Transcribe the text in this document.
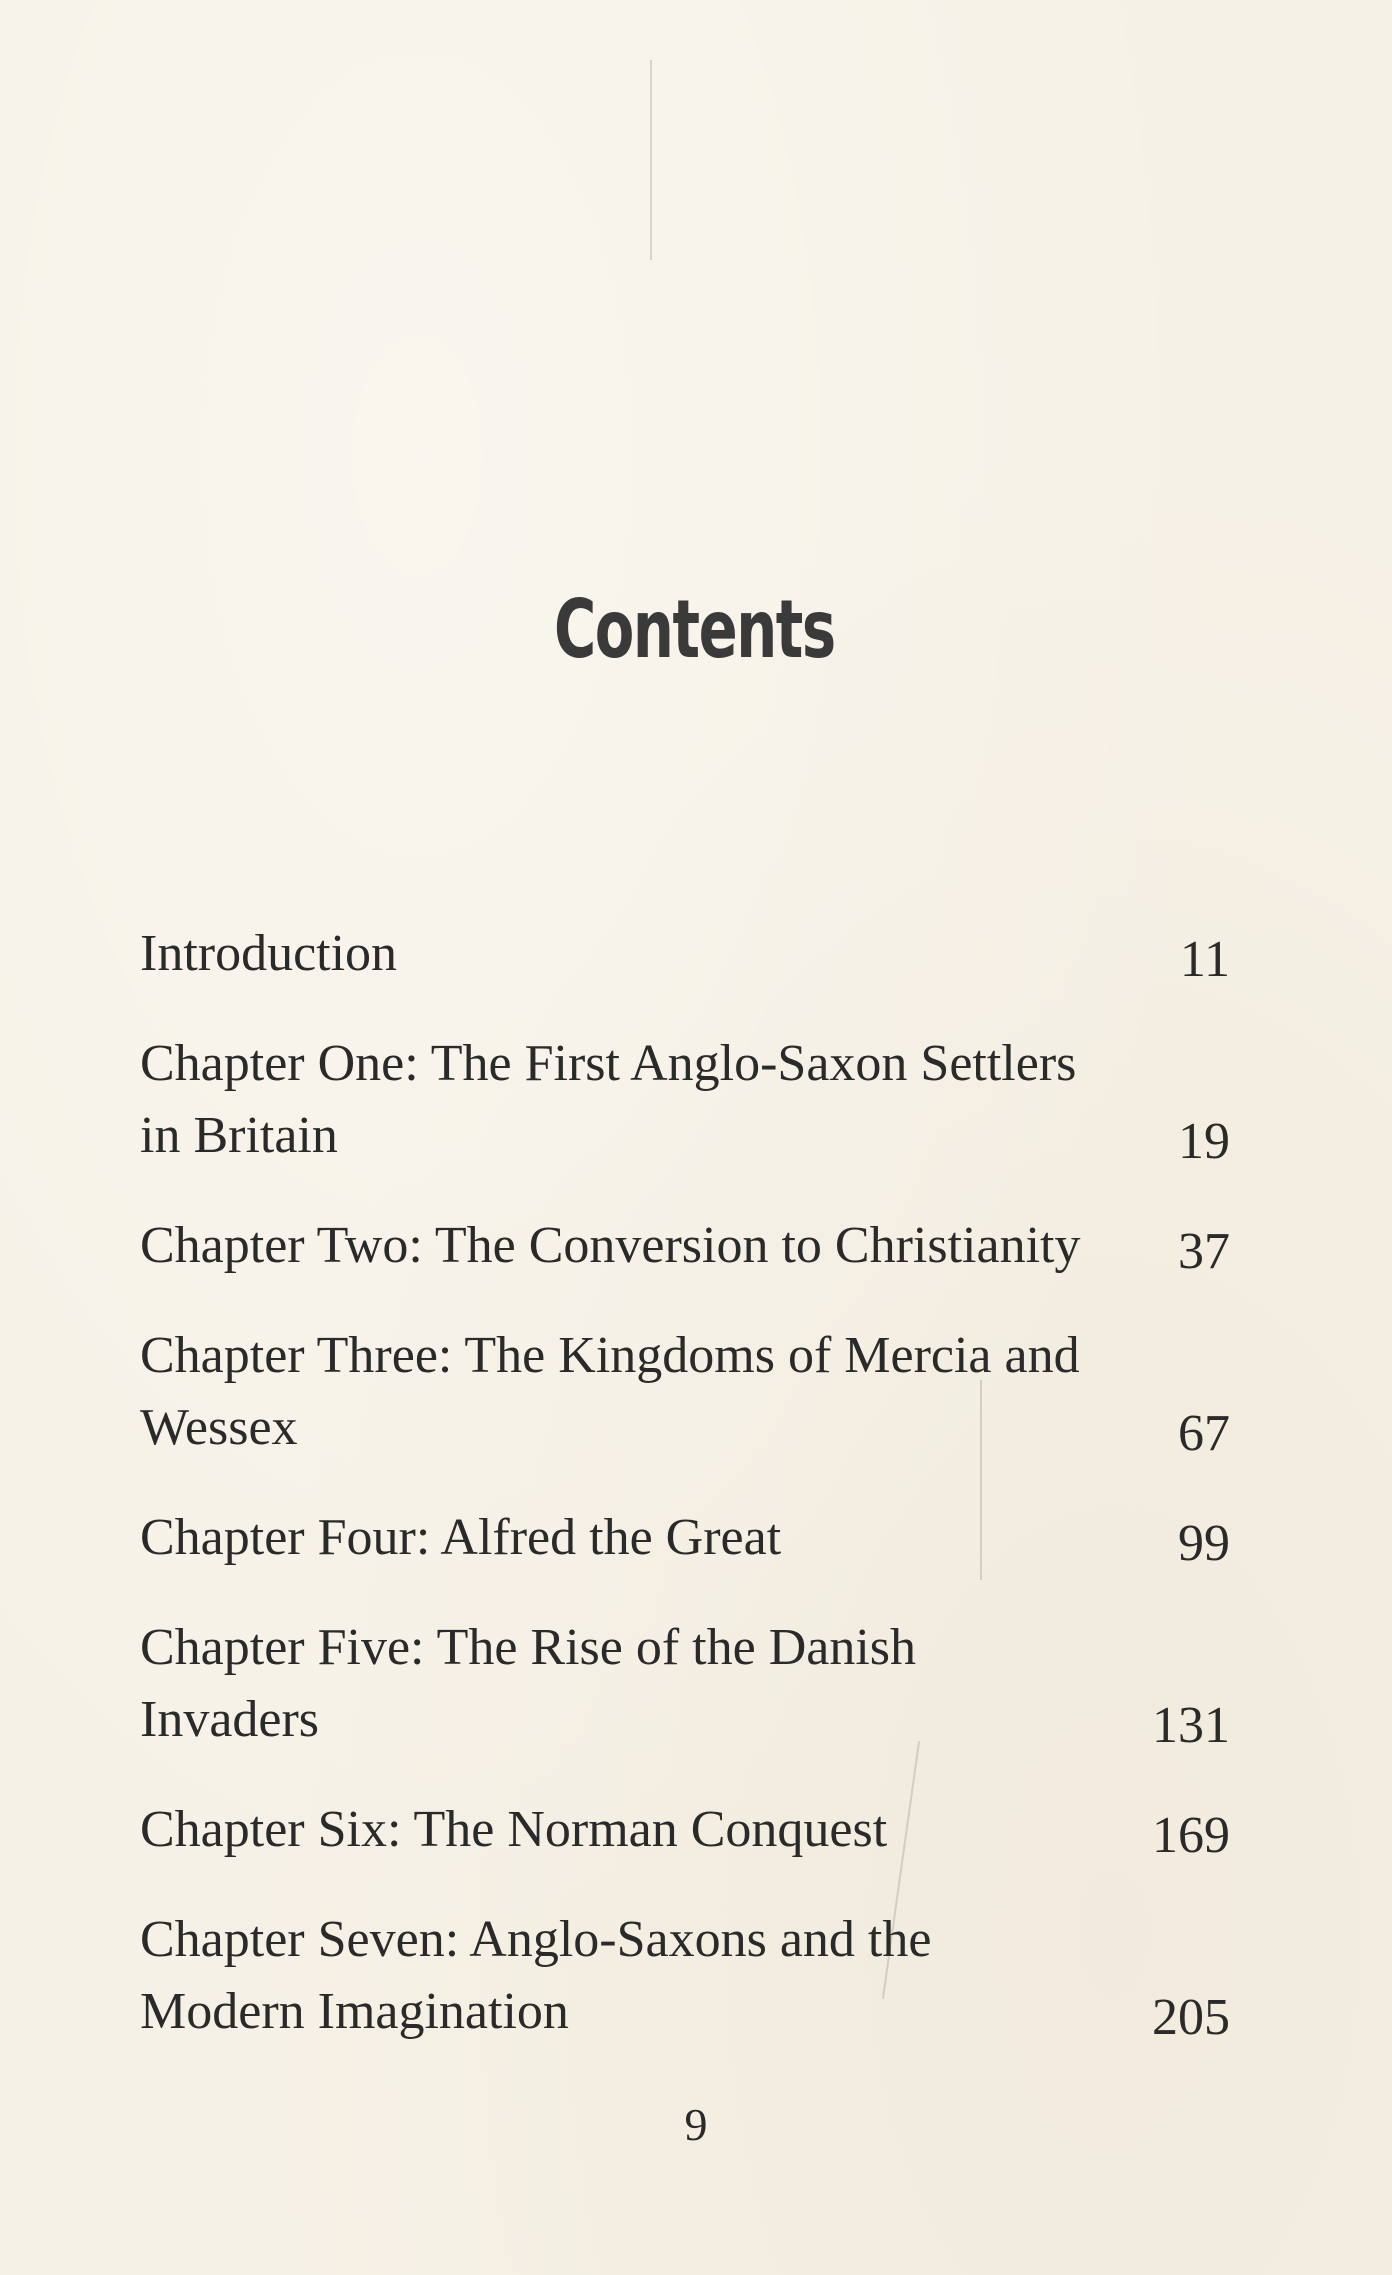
Contents
Introduction	11
Chapter One: The First Anglo-Saxon Settlers in Britain	19
Chapter Two: The Conversion to Christianity	37
Chapter Three: The Kingdoms of Mercia and Wessex	67
Chapter Four: Alfred the Great	99
Chapter Five: The Rise of the Danish Invaders	131
Chapter Six: The Norman Conquest	169
Chapter Seven: Anglo-Saxons and the Modern Imagination	205
9
